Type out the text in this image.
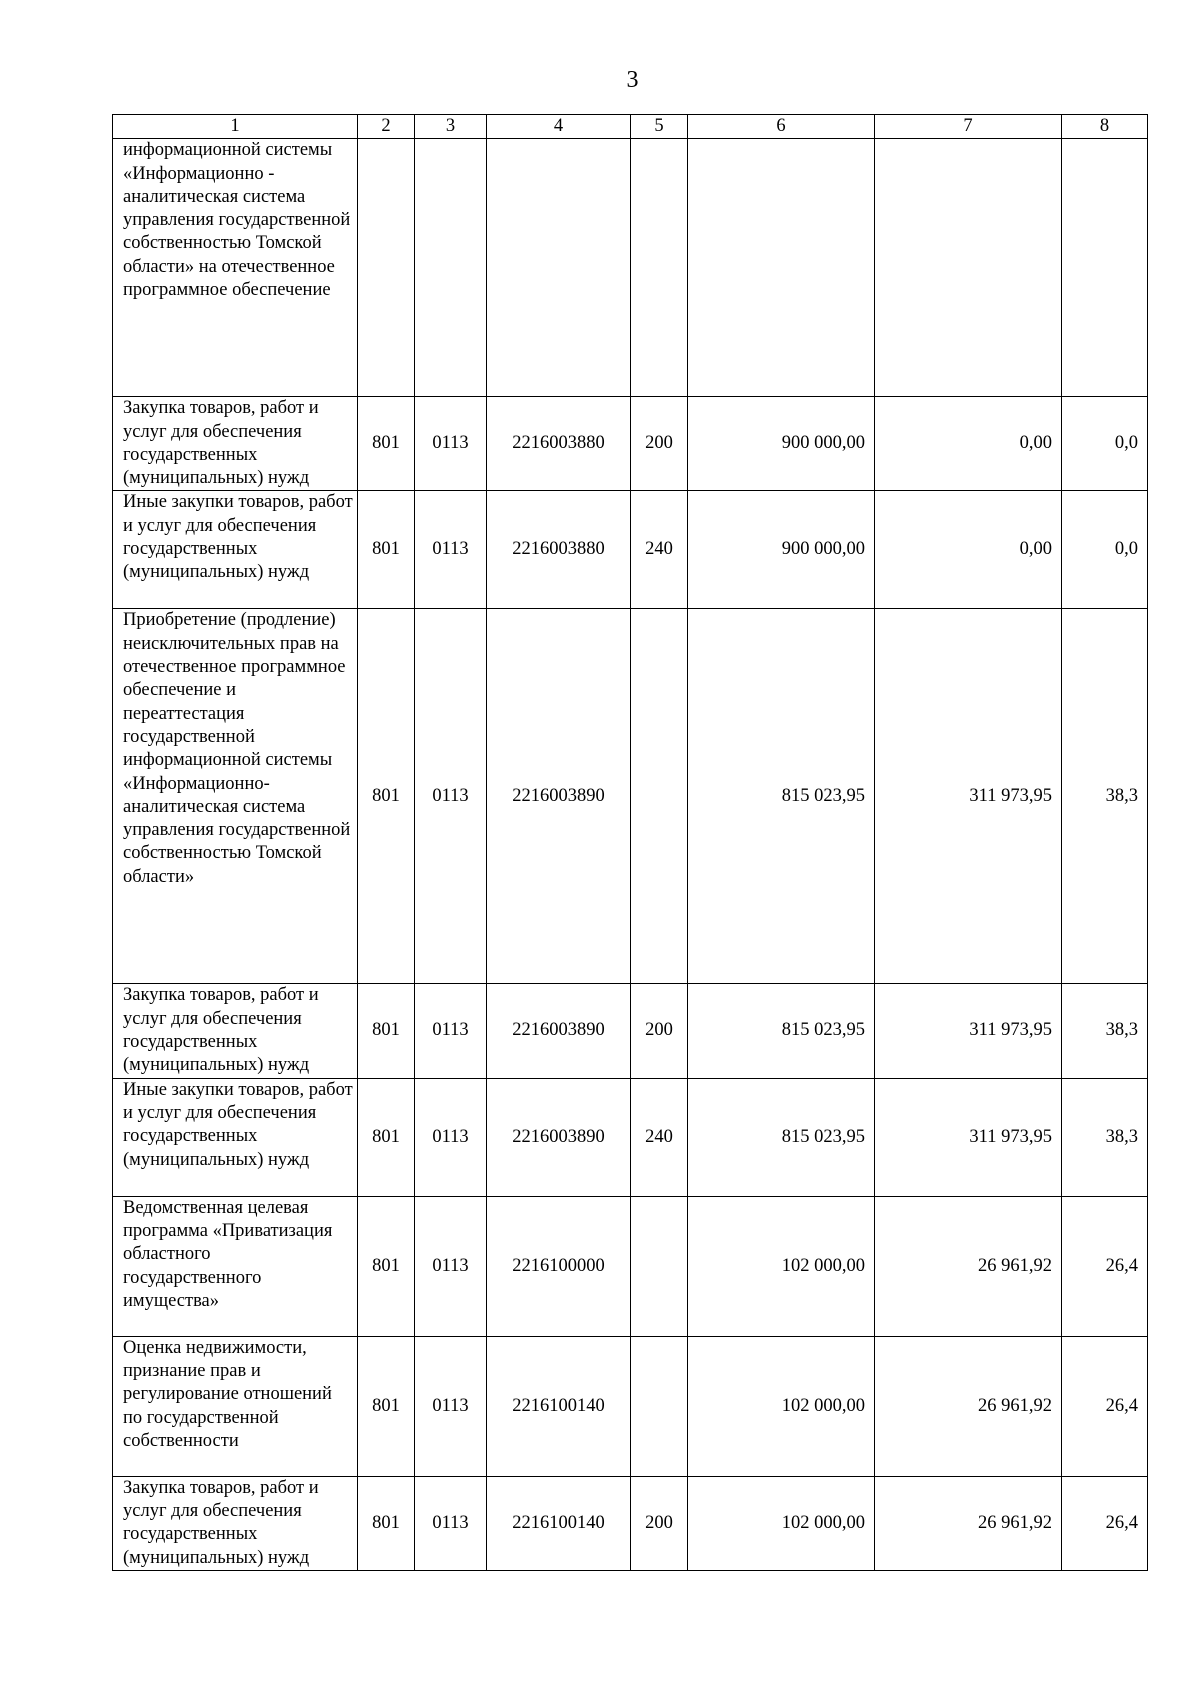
3
1	2	3	4	5	6	7	8
информационной системы «Информационно - аналитическая система управления государственной собственностью Томской области» на отечественное программное обеспечение							
Закупка товаров, работ и услуг для обеспечения государственных (муниципальных) нужд	801	0113	2216003880	200	900 000,00	0,00	0,0
Иные закупки товаров, работ и услуг для обеспечения государственных (муниципальных) нужд	801	0113	2216003880	240	900 000,00	0,00	0,0
Приобретение (продление) неисключительных прав на отечественное программное обеспечение и переаттестация государственной информационной системы «Информационно-аналитическая система управления государственной собственностью Томской области»	801	0113	2216003890		815 023,95	311 973,95	38,3
Закупка товаров, работ и услуг для обеспечения государственных (муниципальных) нужд	801	0113	2216003890	200	815 023,95	311 973,95	38,3
Иные закупки товаров, работ и услуг для обеспечения государственных (муниципальных) нужд	801	0113	2216003890	240	815 023,95	311 973,95	38,3
Ведомственная целевая программа «Приватизация областного государственного имущества»	801	0113	2216100000		102 000,00	26 961,92	26,4
Оценка недвижимости, признание прав и регулирование отношений по государственной собственности	801	0113	2216100140		102 000,00	26 961,92	26,4
Закупка товаров, работ и услуг для обеспечения государственных (муниципальных) нужд	801	0113	2216100140	200	102 000,00	26 961,92	26,4
